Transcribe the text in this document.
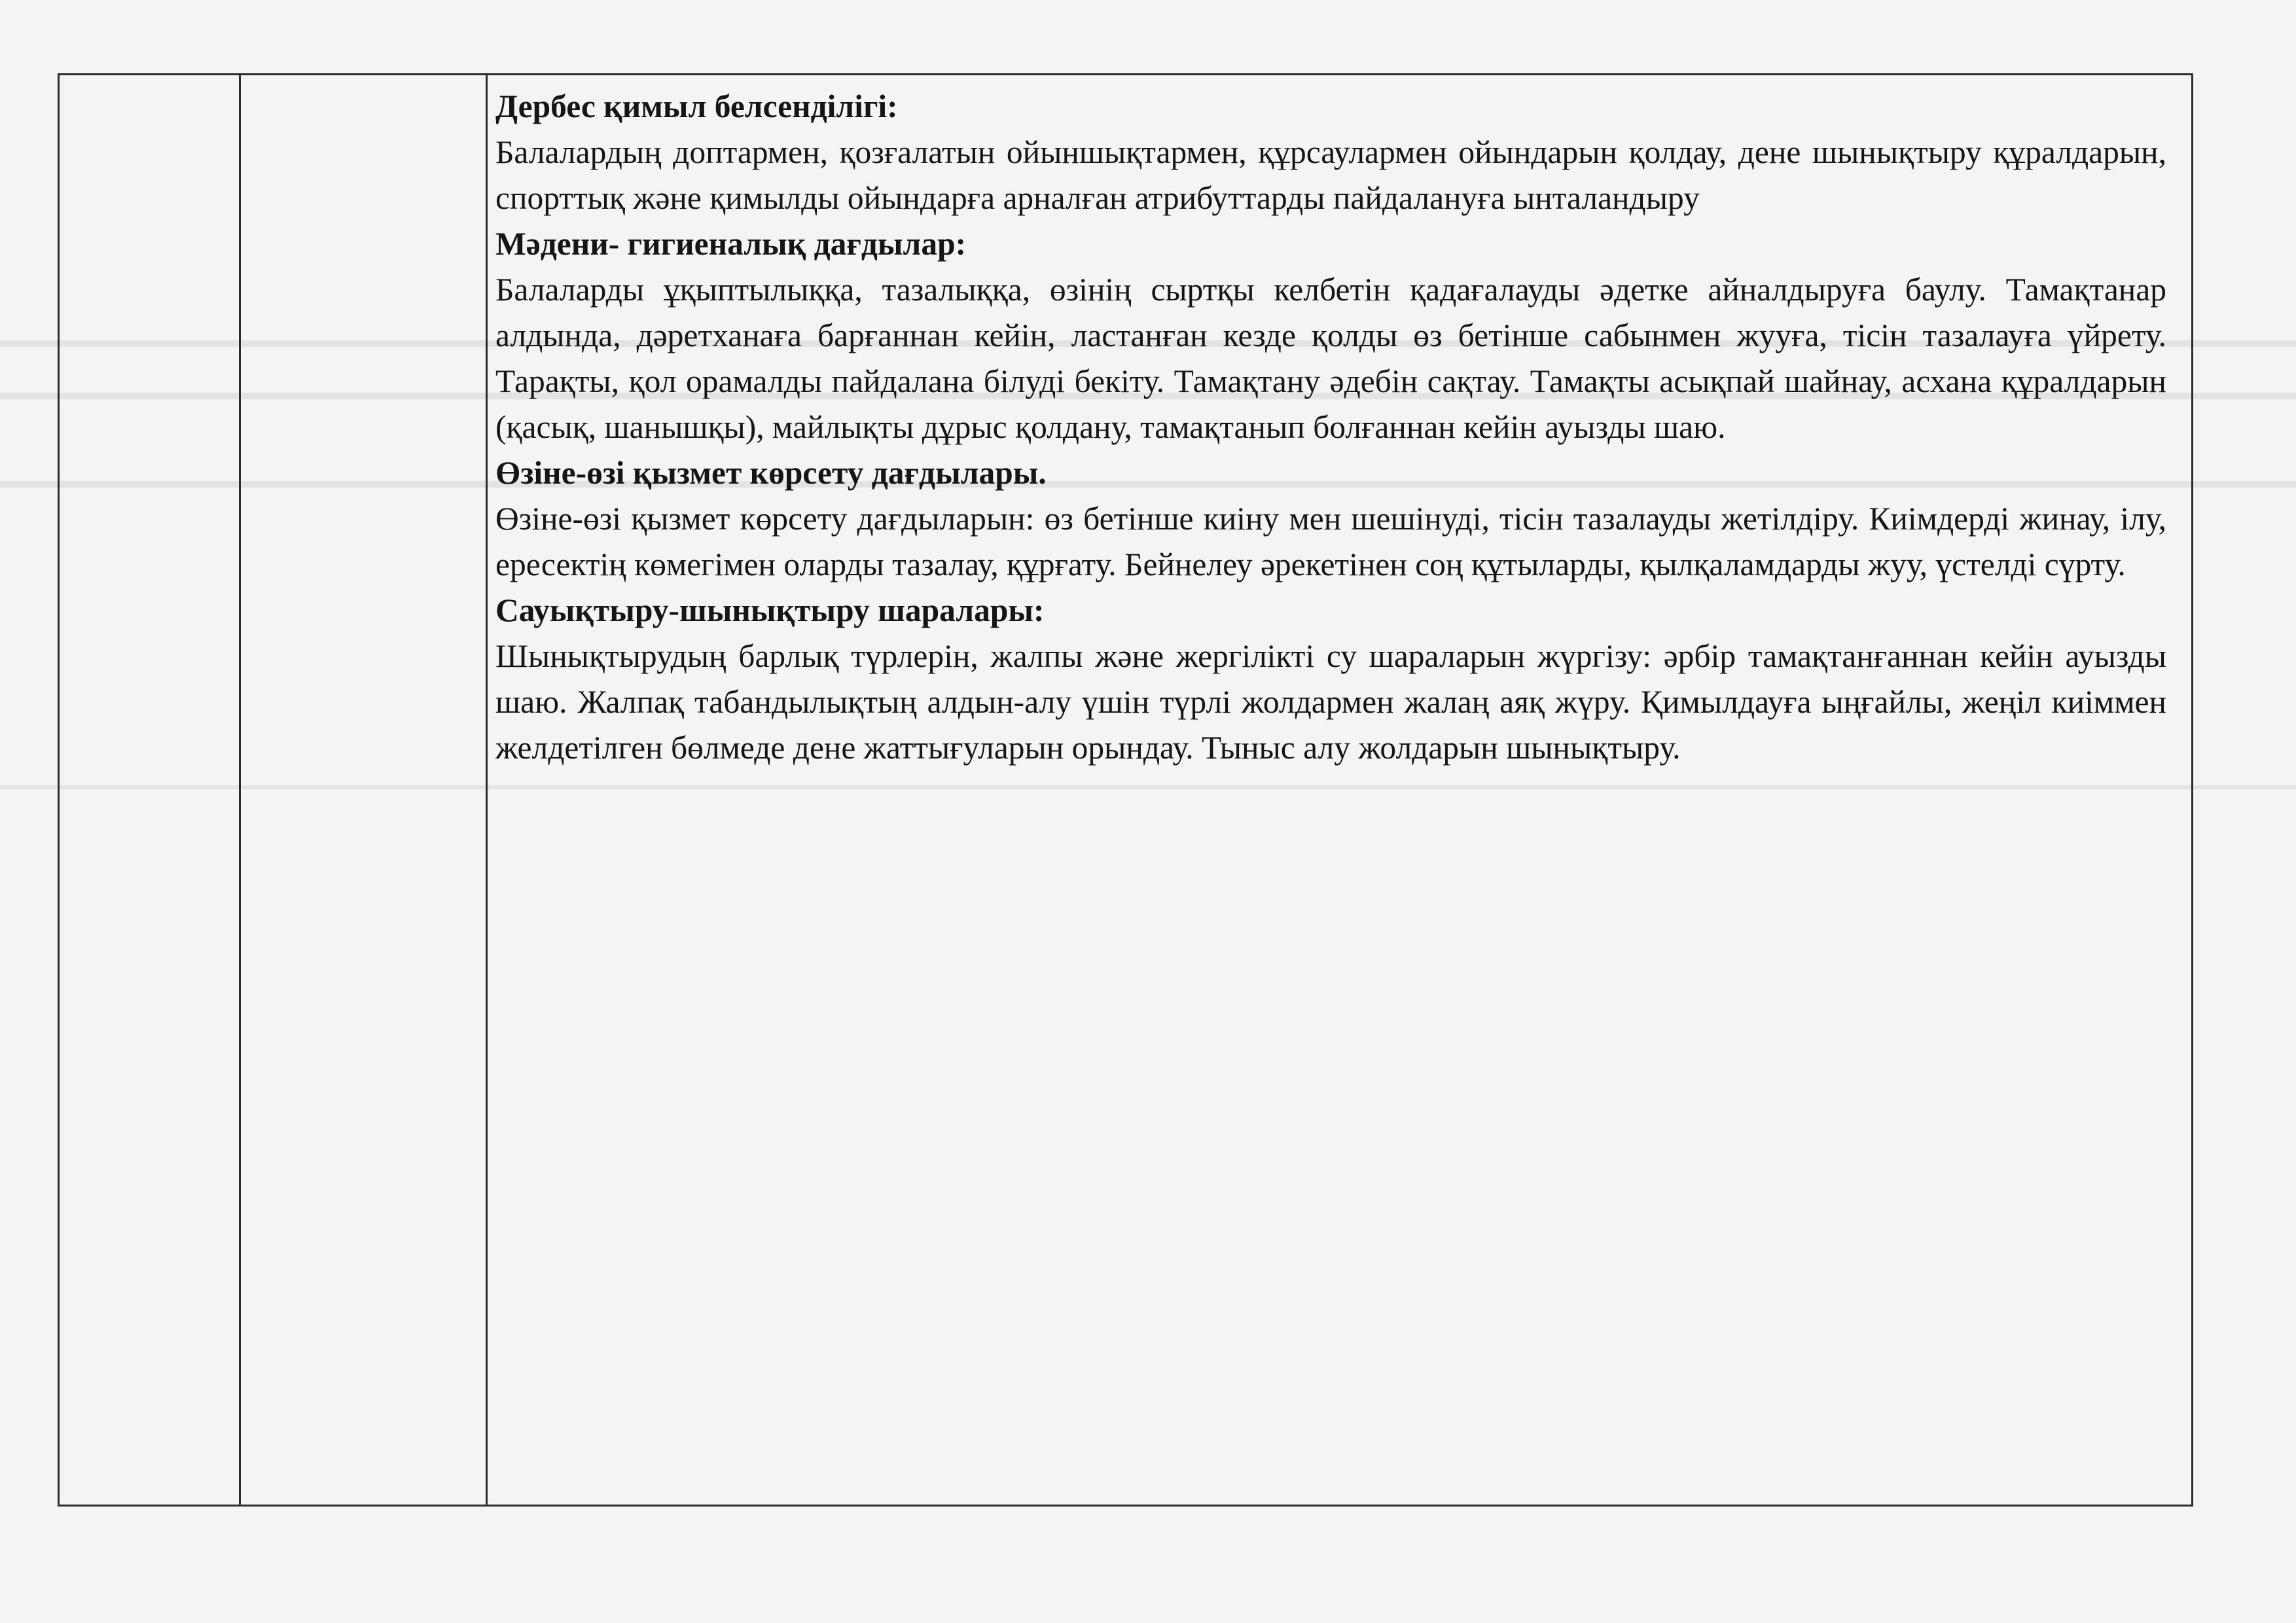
Дербес қимыл белсенділігі:

Балалардың доптармен, қозғалатын ойыншықтармен, құрсаулармен ойындарын қолдау, дене шынықтыру құралдарын, спорттық және қимылды ойындарға арналған атрибуттарды пайдалануға ынталандыру

Мәдени- гигиеналық дағдылар:

Балаларды ұқыптылыққа, тазалыққа, өзінің сыртқы келбетін қадағалауды әдетке айналдыруға баулу. Тамақтанар алдында, дәретханаға барғаннан кейін, ластанған кезде қолды өз бетінше сабынмен жууға, тісін тазалауға үйрету. Тарақты, қол орамалды пайдалана білуді бекіту. Тамақтану әдебін сақтау. Тамақты асықпай шайнау, асхана құралдарын (қасық, шанышқы), майлықты дұрыс қолдану, тамақтанып болғаннан кейін ауызды шаю.

Өзіне-өзі қызмет көрсету дағдылары.

Өзіне-өзі қызмет көрсету дағдыларын: өз бетінше киіну мен шешінуді, тісін тазалауды жетілдіру. Киімдерді жинау, ілу, ересектің көмегімен оларды тазалау, құрғату. Бейнелеу әрекетінен соң құтыларды, қылқаламдарды жуу, үстелді сүрту.

Сауықтыру-шынықтыру шаралары:

Шынықтырудың барлық түрлерін, жалпы және жергілікті су шараларын жүргізу: әрбір тамақтанғаннан кейін ауызды шаю. Жалпақ табандылықтың алдын-алу үшін түрлі жолдармен жалаң аяқ жүру. Қимылдауға ыңғайлы, жеңіл киіммен желдетілген бөлмеде дене жаттығуларын орындау. Тыныс алу жолдарын шынықтыру.
